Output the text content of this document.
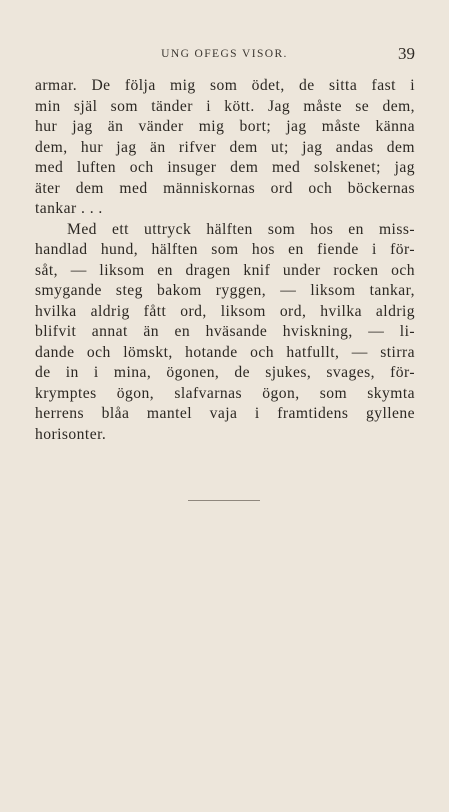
UNG OFEGS VISOR.	39
armar. De följa mig som ödet, de sitta fast i
min själ som tänder i kött. Jag måste se dem,
hur jag än vänder mig bort; jag måste känna
dem, hur jag än rifver dem ut; jag andas dem
med luften och insuger dem med solskenet; jag
äter dem med människornas ord och böckernas
tankar . . .
Med ett uttryck hälften som hos en miss-
handlad hund, hälften som hos en fiende i för-
såt, — liksom en dragen knif under rocken och
smygande steg bakom ryggen, — liksom tankar,
hvilka aldrig fått ord, liksom ord, hvilka aldrig
blifvit annat än en hväsande hviskning, — li-
dande och lömskt, hotande och hatfullt, — stirra
de in i mina, ögonen, de sjukes, svages, för-
krymptes ögon, slafvarnas ögon, som skymta
herrens blåa mantel vaja i framtidens gyllene
horisonter.
